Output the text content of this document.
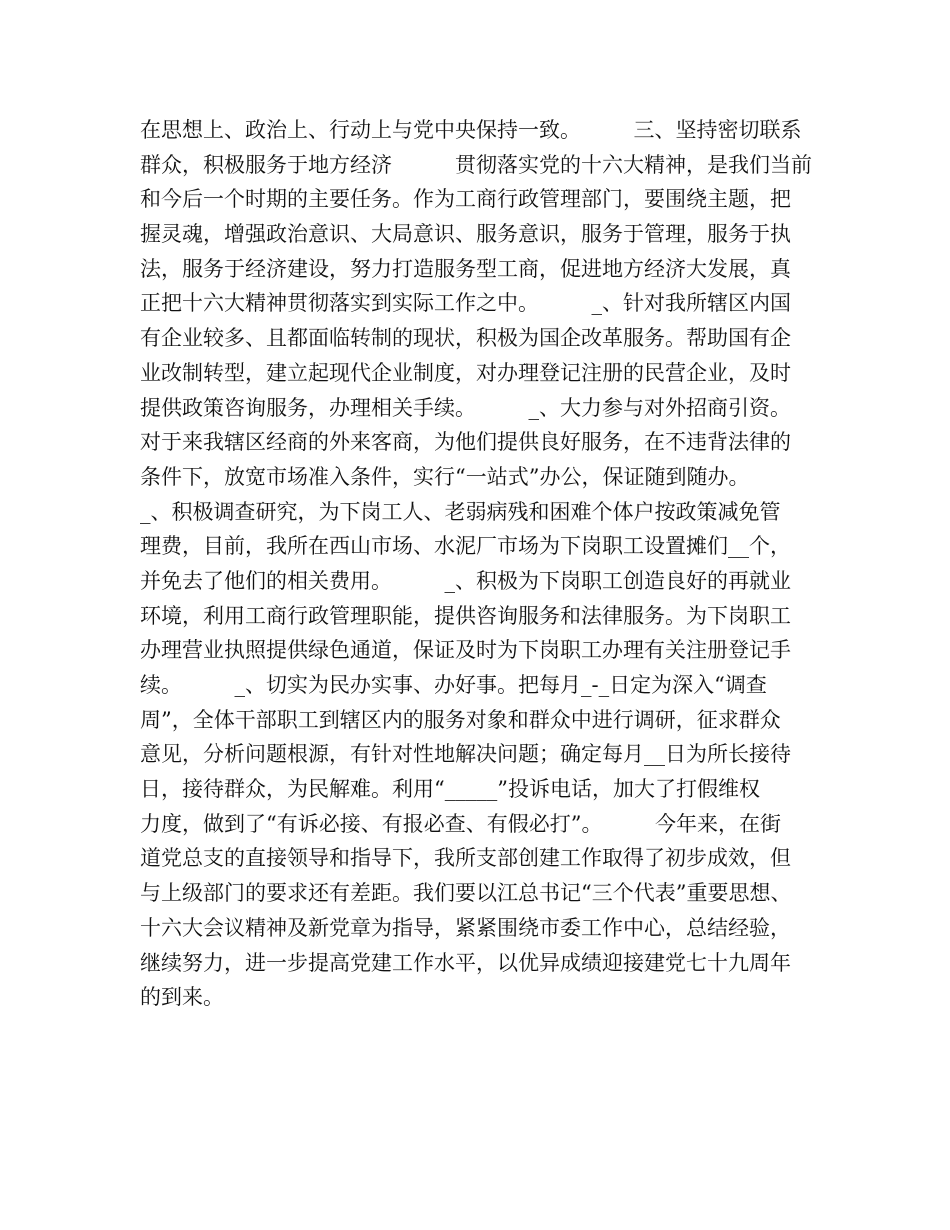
在思想上、政治上、行动上与党中央保持一致。　　　三、坚持密切联系
群众，积极服务于地方经济　　　贯彻落实党的十六大精神，是我们当前
和今后一个时期的主要任务。作为工商行政管理部门，要围绕主题，把
握灵魂，增强政治意识、大局意识、服务意识，服务于管理，服务于执
法，服务于经济建设，努力打造服务型工商，促进地方经济大发展，真
正把十六大精神贯彻落实到实际工作之中。　　　_、针对我所辖区内国
有企业较多、且都面临转制的现状，积极为国企改革服务。帮助国有企
业改制转型，建立起现代企业制度，对办理登记注册的民营企业，及时
提供政策咨询服务，办理相关手续。　　　_、大力参与对外招商引资。
对于来我辖区经商的外来客商，为他们提供良好服务，在不违背法律的
条件下，放宽市场准入条件，实行“一站式”办公，保证随到随办。
_、积极调查研究，为下岗工人、老弱病残和困难个体户按政策减免管
理费，目前，我所在西山市场、水泥厂市场为下岗职工设置摊们__个，
并免去了他们的相关费用。　　　_、积极为下岗职工创造良好的再就业
环境，利用工商行政管理职能，提供咨询服务和法律服务。为下岗职工
办理营业执照提供绿色通道，保证及时为下岗职工办理有关注册登记手
续。　　　_、切实为民办实事、办好事。把每月_-_日定为深入“调查
周”，全体干部职工到辖区内的服务对象和群众中进行调研，征求群众
意见，分析问题根源，有针对性地解决问题；确定每月__日为所长接待
日，接待群众，为民解难。利用“_____”投诉电话，加大了打假维权
力度，做到了“有诉必接、有报必查、有假必打”。　　　今年来，在街
道党总支的直接领导和指导下，我所支部创建工作取得了初步成效，但
与上级部门的要求还有差距。我们要以江总书记“三个代表”重要思想、
十六大会议精神及新党章为指导，紧紧围绕市委工作中心，总结经验，
继续努力，进一步提高党建工作水平，以优异成绩迎接建党七十九周年
的到来。
